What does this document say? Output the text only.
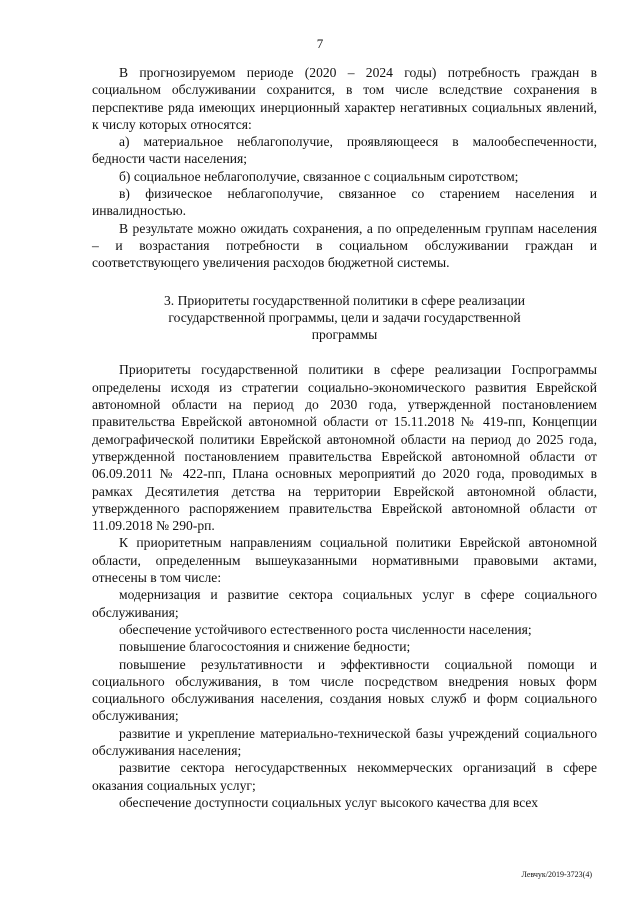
7

В прогнозируемом периоде (2020 – 2024 годы) потребность граждан в социальном обслуживании сохранится, в том числе вследствие сохранения в перспективе ряда имеющих инерционный характер негативных социальных явлений, к числу которых относятся:

а) материальное неблагополучие, проявляющееся в малообеспеченности, бедности части населения;

б) социальное неблагополучие, связанное с социальным сиротством;

в) физическое неблагополучие, связанное со старением населения и инвалидностью.

В результате можно ожидать сохранения, а по определенным группам населения – и возрастания потребности в социальном обслуживании граждан и соответствующего увеличения расходов бюджетной системы.

3. Приоритеты государственной политики в сфере реализации
государственной программы, цели и задачи государственной
программы

Приоритеты государственной политики в сфере реализации Госпрограммы определены исходя из стратегии социально-экономического развития Еврейской автономной области на период до 2030 года, утвержденной постановлением правительства Еврейской автономной области от 15.11.2018 № 419-пп, Концепции демографической политики Еврейской автономной области на период до 2025 года, утвержденной постановлением правительства Еврейской автономной области от 06.09.2011 № 422-пп, Плана основных мероприятий до 2020 года, проводимых в рамках Десятилетия детства на территории Еврейской автономной области, утвержденного распоряжением правительства Еврейской автономной области от 11.09.2018 № 290-рп.

К приоритетным направлениям социальной политики Еврейской автономной области, определенным вышеуказанными нормативными правовыми актами, отнесены в том числе:

модернизация и развитие сектора социальных услуг в сфере социального обслуживания;

обеспечение устойчивого естественного роста численности населения;

повышение благосостояния и снижение бедности;

повышение результативности и эффективности социальной помощи и социального обслуживания, в том числе посредством внедрения новых форм социального обслуживания населения, создания новых служб и форм социального обслуживания;

развитие и укрепление материально-технической базы учреждений социального обслуживания населения;

развитие сектора негосударственных некоммерческих организаций в сфере оказания социальных услуг;

обеспечение доступности социальных услуг высокого качества для всех

Левчук/2019-3723(4)
